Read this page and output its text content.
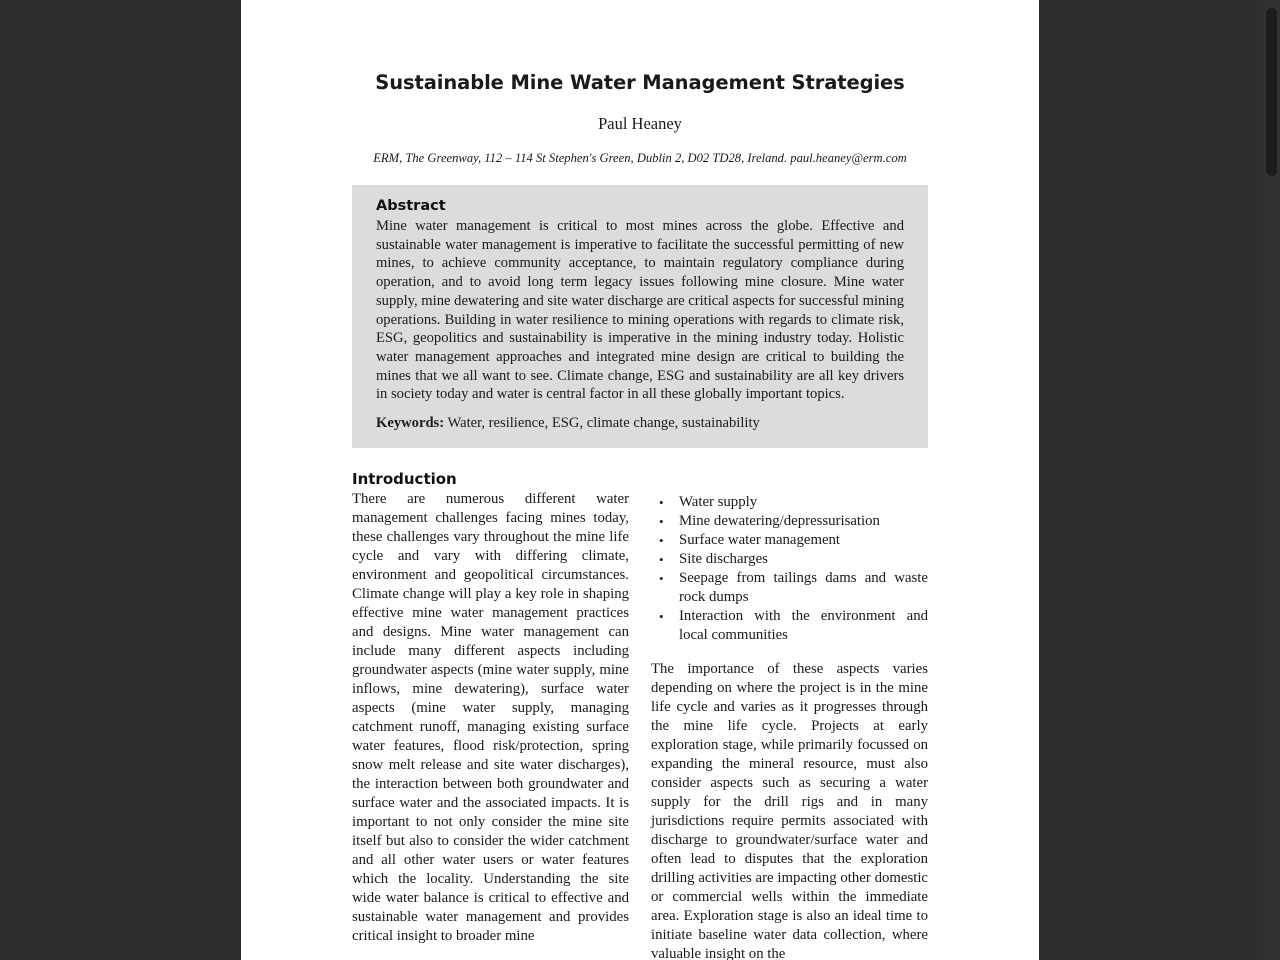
Sustainable Mine Water Management Strategies

Paul Heaney

ERM, The Greenway, 112 – 114 St Stephen's Green, Dublin 2, D02 TD28, Ireland. paul.heaney@erm.com

Abstract

Mine water management is critical to most mines across the globe. Effective and sustainable water management is imperative to facilitate the successful permitting of new mines, to achieve community acceptance, to maintain regulatory compliance during operation, and to avoid long term legacy issues following mine closure. Mine water supply, mine dewatering and site water discharge are critical aspects for successful mining operations. Building in water resilience to mining operations with regards to climate risk, ESG, geopolitics and sustainability is imperative in the mining industry today. Holistic water management approaches and integrated mine design are critical to building the mines that we all want to see. Climate change, ESG and sustainability are all key drivers in society today and water is central factor in all these globally important topics.

Keywords: Water, resilience, ESG, climate change, sustainability

Introduction

There are numerous different water management challenges facing mines today, these challenges vary throughout the mine life cycle and vary with differing climate, environment and geopolitical circumstances. Climate change will play a key role in shaping effective mine water management practices and designs. Mine water management can include many different aspects including groundwater aspects (mine water supply, mine inflows, mine dewatering), surface water aspects (mine water supply, managing catchment runoff, managing existing surface water features, flood risk/protection, spring snow melt release and site water discharges), the interaction between both groundwater and surface water and the associated impacts. It is important to not only consider the mine site itself but also to consider the wider catchment and all other water users or water features which the locality. Understanding the site wide water balance is critical to effective and sustainable water management and provides critical insight to broader mine

• Water supply
• Mine dewatering/depressurisation
• Surface water management
• Site discharges
• Seepage from tailings dams and waste rock dumps
• Interaction with the environment and local communities

The importance of these aspects varies depending on where the project is in the mine life cycle and varies as it progresses through the mine life cycle. Projects at early exploration stage, while primarily focussed on expanding the mineral resource, must also consider aspects such as securing a water supply for the drill rigs and in many jurisdictions require permits associated with discharge to groundwater/surface water and often lead to disputes that the exploration drilling activities are impacting other domestic or commercial wells within the immediate area. Exploration stage is also an ideal time to initiate baseline water data collection, where valuable insight on the
